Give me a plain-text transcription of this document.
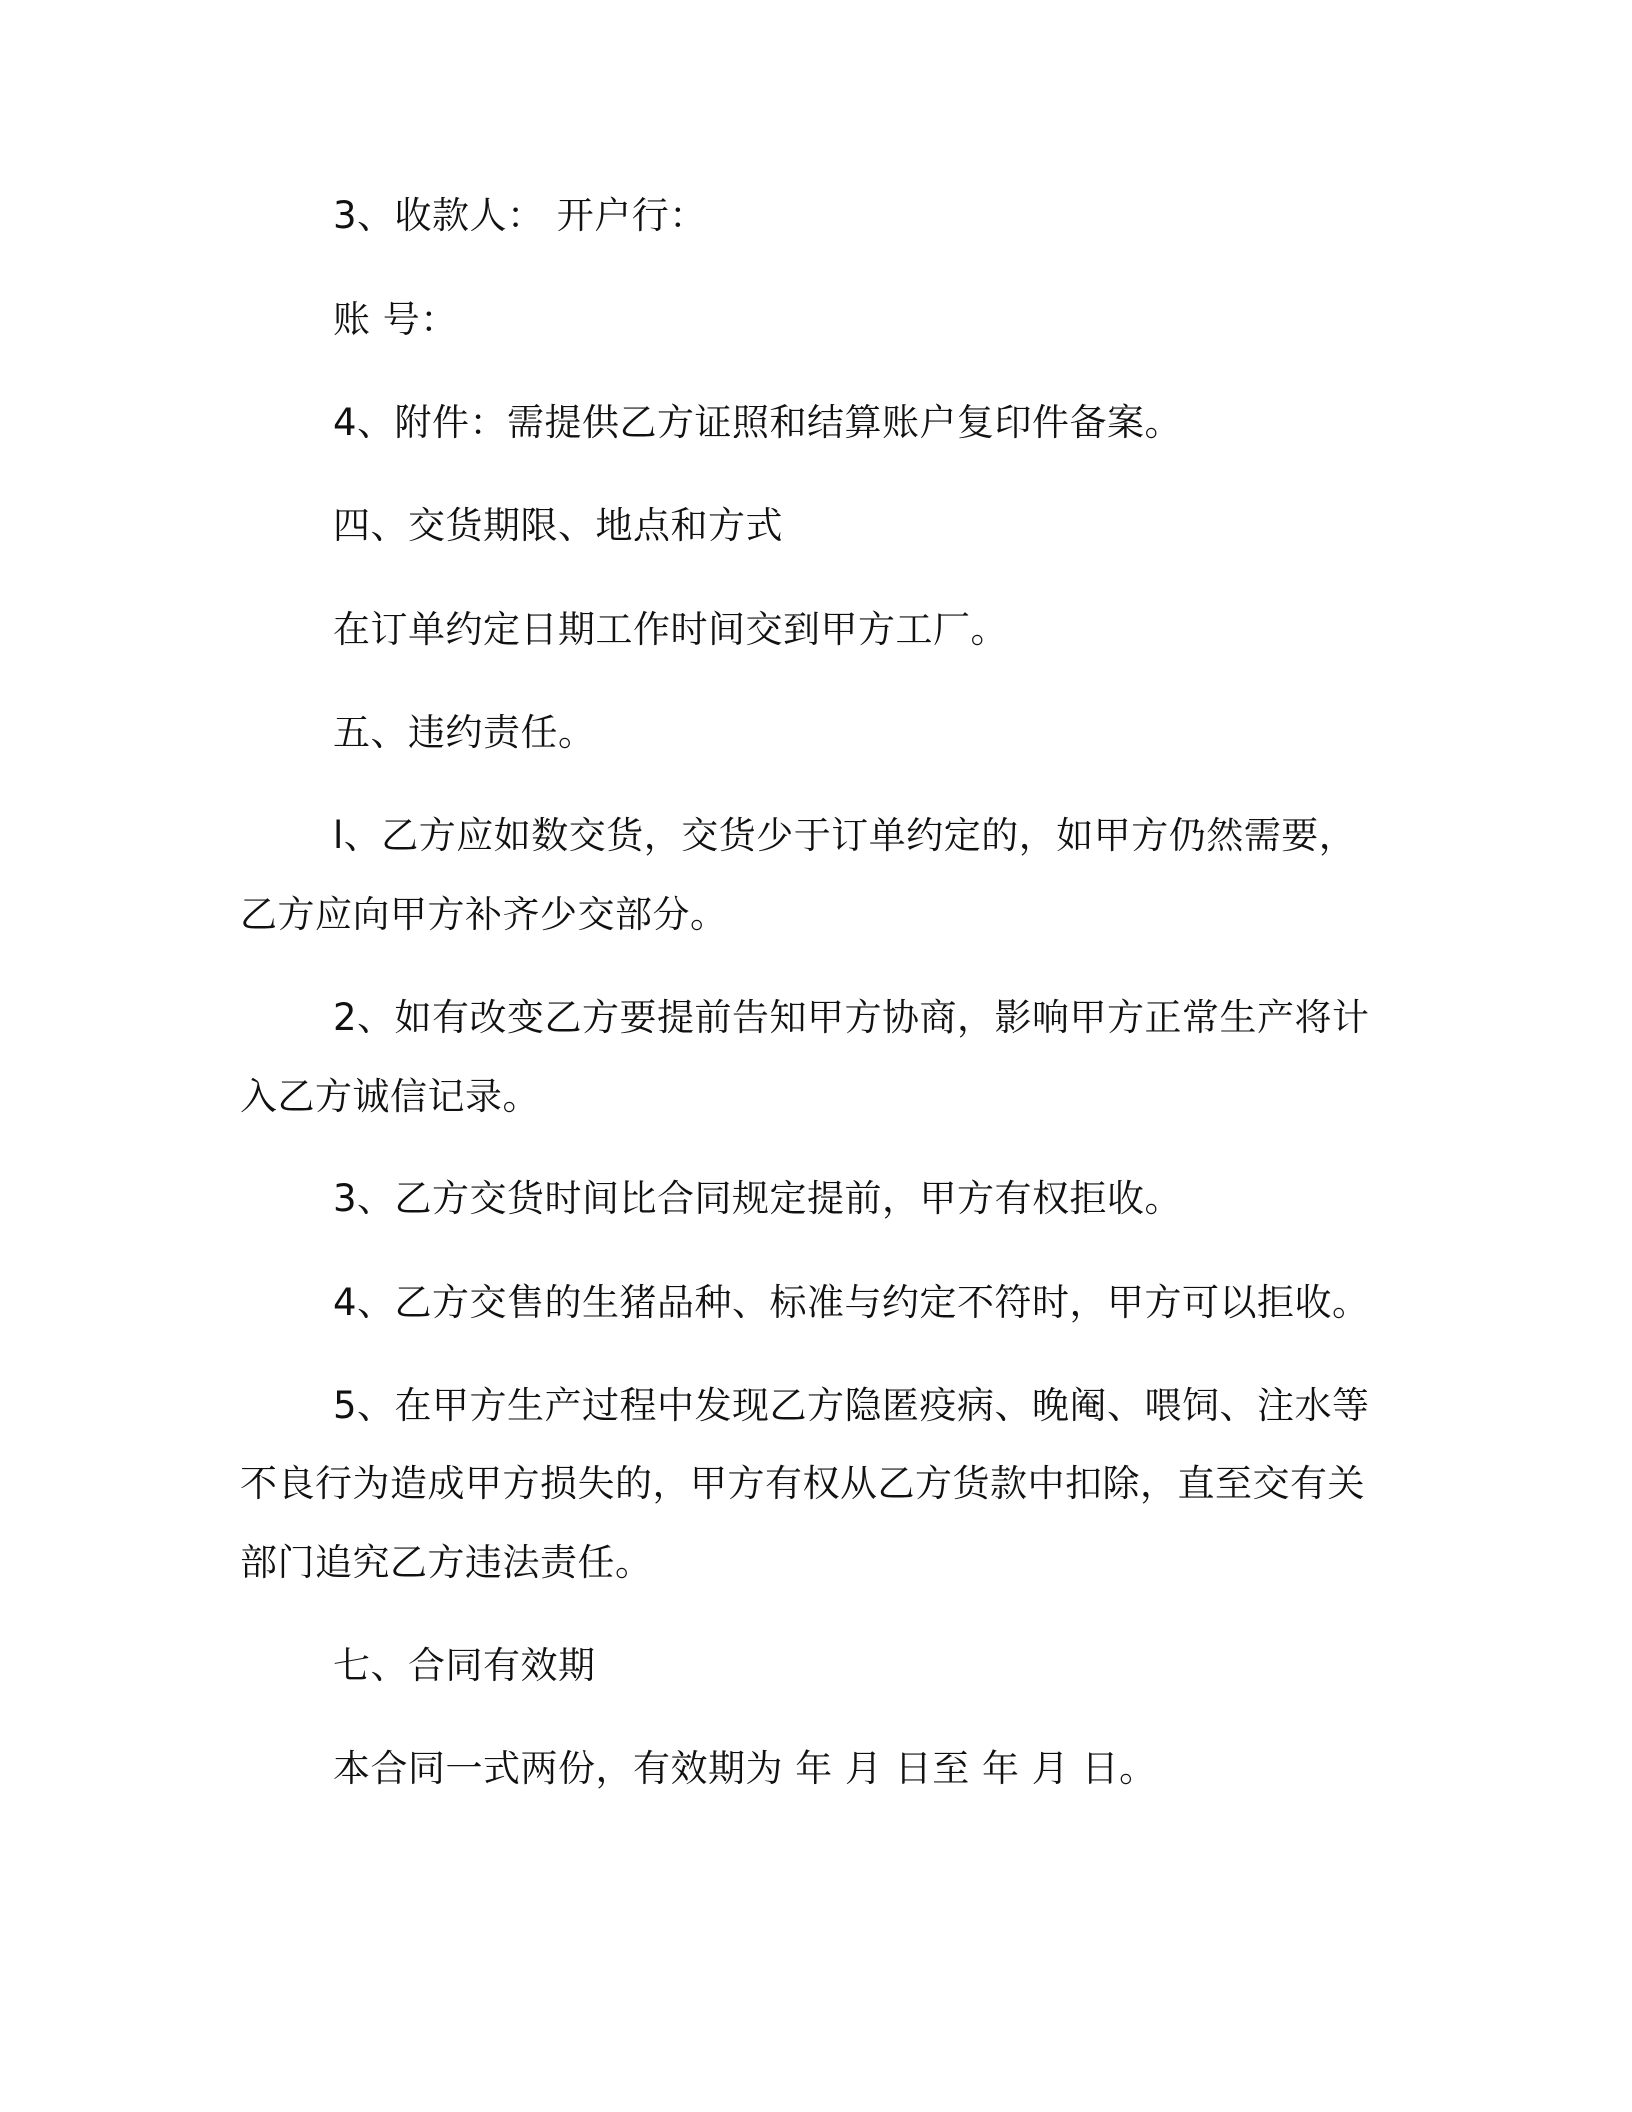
3、收款人： 开户行：
账 号：
4、附件：需提供乙方证照和结算账户复印件备案。
四、交货期限、地点和方式
在订单约定日期工作时间交到甲方工厂。
五、违约责任。
l、乙方应如数交货，交货少于订单约定的，如甲方仍然需要，
乙方应向甲方补齐少交部分。
2、如有改变乙方要提前告知甲方协商，影响甲方正常生产将计
入乙方诚信记录。
3、乙方交货时间比合同规定提前，甲方有权拒收。
4、乙方交售的生猪品种、标准与约定不符时，甲方可以拒收。
5、在甲方生产过程中发现乙方隐匿疫病、晚阉、喂饲、注水等
不良行为造成甲方损失的，甲方有权从乙方货款中扣除，直至交有关
部门追究乙方违法责任。
七、合同有效期
本合同一式两份，有效期为 年 月 日至 年 月 日。
